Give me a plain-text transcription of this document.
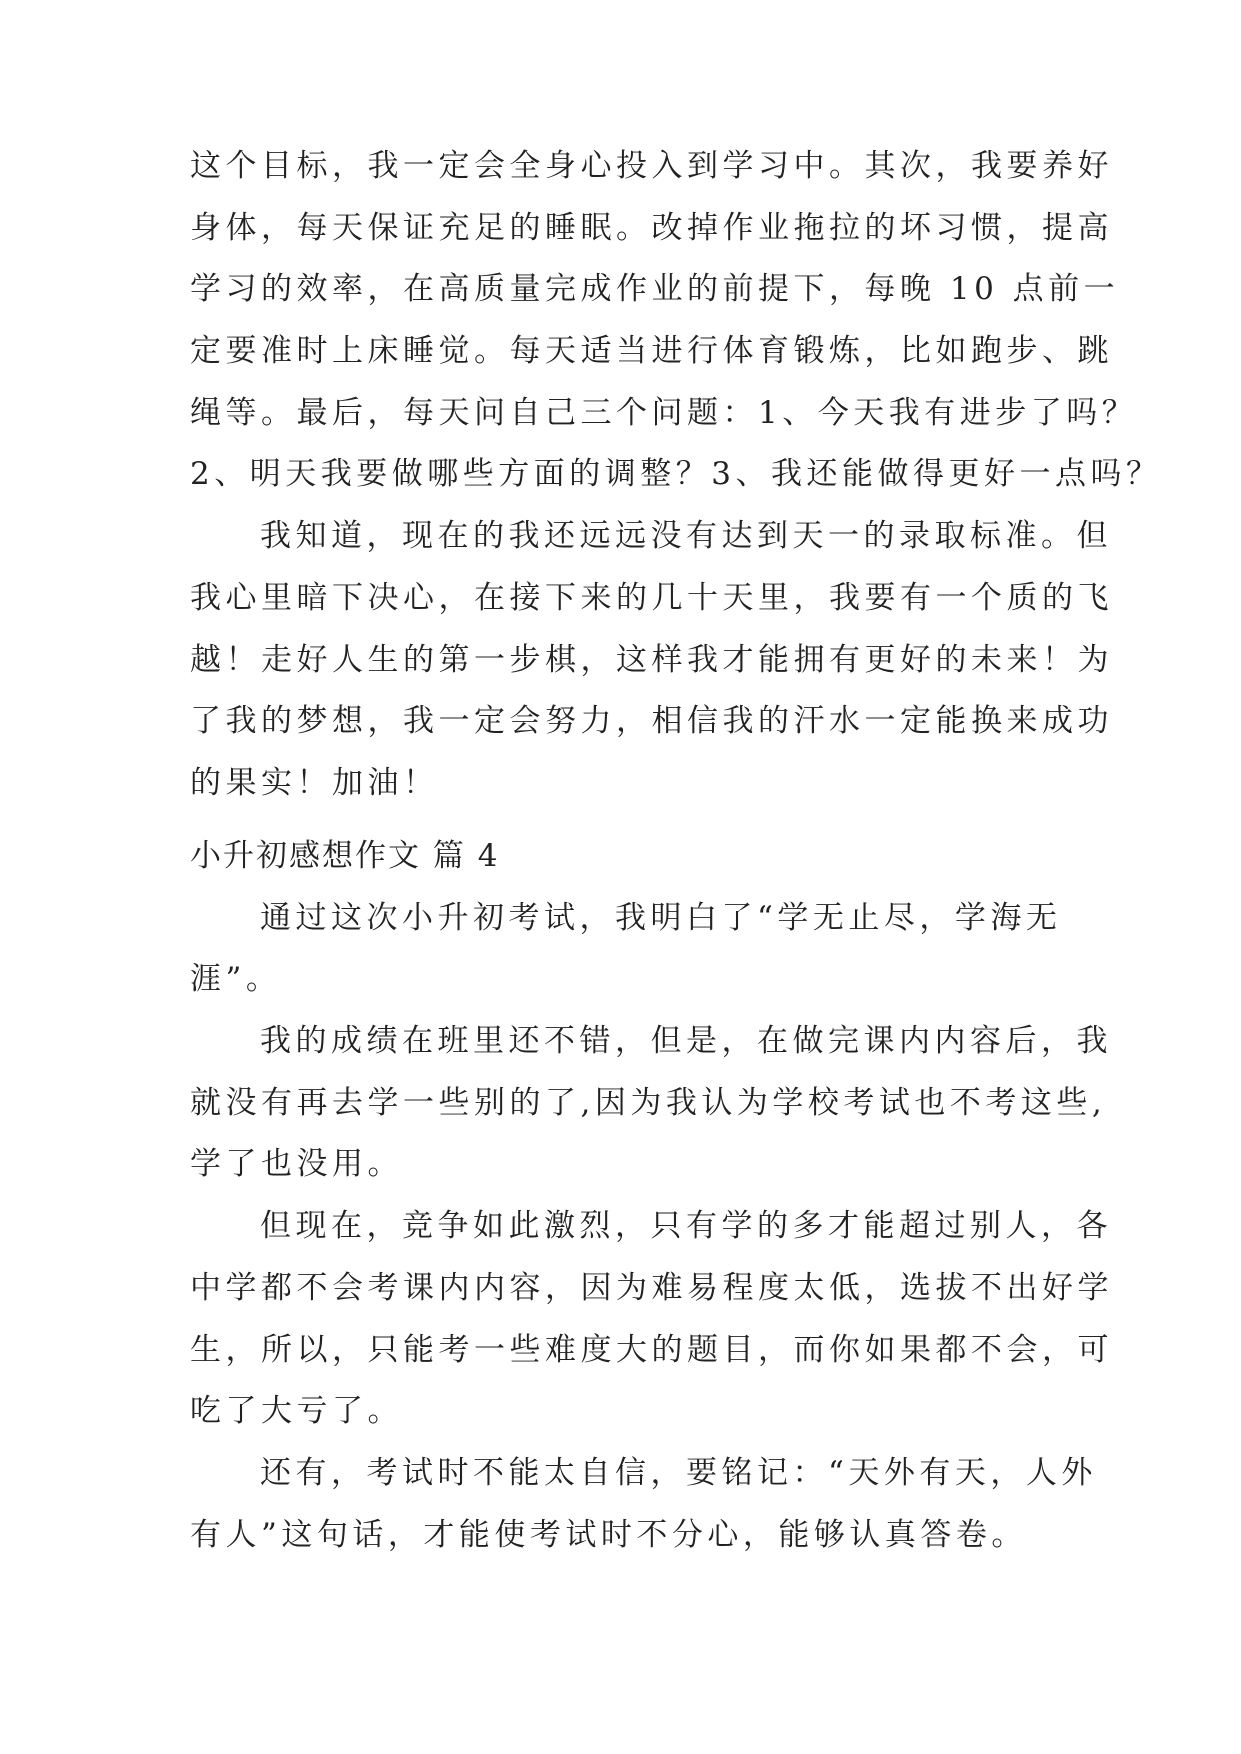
这个目标，我一定会全身心投入到学习中。其次，我要养好
身体，每天保证充足的睡眠。改掉作业拖拉的坏习惯，提高
学习的效率，在高质量完成作业的前提下，每晚 10 点前一
定要准时上床睡觉。每天适当进行体育锻炼，比如跑步、跳
绳等。最后，每天问自己三个问题：1、今天我有进步了吗？
2、明天我要做哪些方面的调整？3、我还能做得更好一点吗？
我知道，现在的我还远远没有达到天一的录取标准。但
我心里暗下决心，在接下来的几十天里，我要有一个质的飞
越！走好人生的第一步棋，这样我才能拥有更好的未来！为
了我的梦想，我一定会努力，相信我的汗水一定能换来成功
的果实！加油！
小升初感想作文 篇 4
通过这次小升初考试，我明白了“学无止尽，学海无
涯”。
我的成绩在班里还不错，但是，在做完课内内容后，我
就没有再去学一些别的了,因为我认为学校考试也不考这些,
学了也没用。
但现在，竞争如此激烈，只有学的多才能超过别人，各
中学都不会考课内内容，因为难易程度太低，选拔不出好学
生，所以，只能考一些难度大的题目，而你如果都不会，可
吃了大亏了。
还有，考试时不能太自信，要铭记：“天外有天，人外
有人”这句话，才能使考试时不分心，能够认真答卷。
